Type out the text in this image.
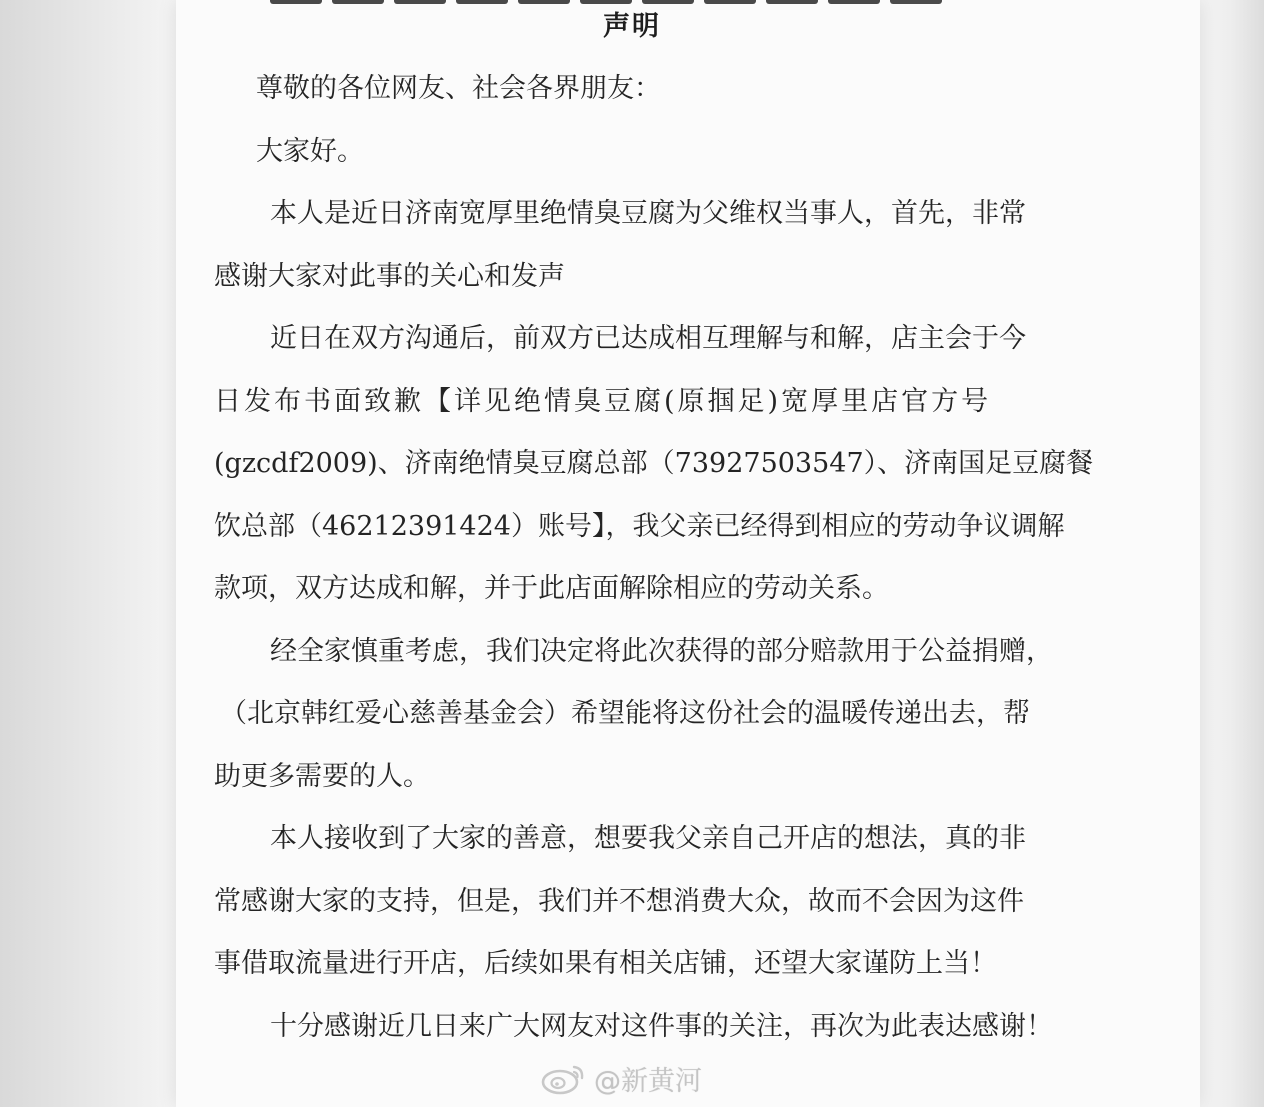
声明

尊敬的各位网友、社会各界朋友：

大家好。

本人是近日济南宽厚里绝情臭豆腐为父维权当事人，首先，非常

感谢大家对此事的关心和发声

近日在双方沟通后，前双方已达成相互理解与和解，店主会于今

日发布书面致歉【详见绝情臭豆腐(原掴足)宽厚里店官方号

(gzcdf2009)、济南绝情臭豆腐总部（73927503547）、济南国足豆腐餐

饮总部（46212391424）账号】，我父亲已经得到相应的劳动争议调解

款项，双方达成和解，并于此店面解除相应的劳动关系。

经全家慎重考虑，我们决定将此次获得的部分赔款用于公益捐赠，

（北京韩红爱心慈善基金会）希望能将这份社会的温暖传递出去，帮

助更多需要的人。

本人接收到了大家的善意，想要我父亲自己开店的想法，真的非

常感谢大家的支持，但是，我们并不想消费大众，故而不会因为这件

事借取流量进行开店，后续如果有相关店铺，还望大家谨防上当！

十分感谢近几日来广大网友对这件事的关注，再次为此表达感谢！

@新黄河
